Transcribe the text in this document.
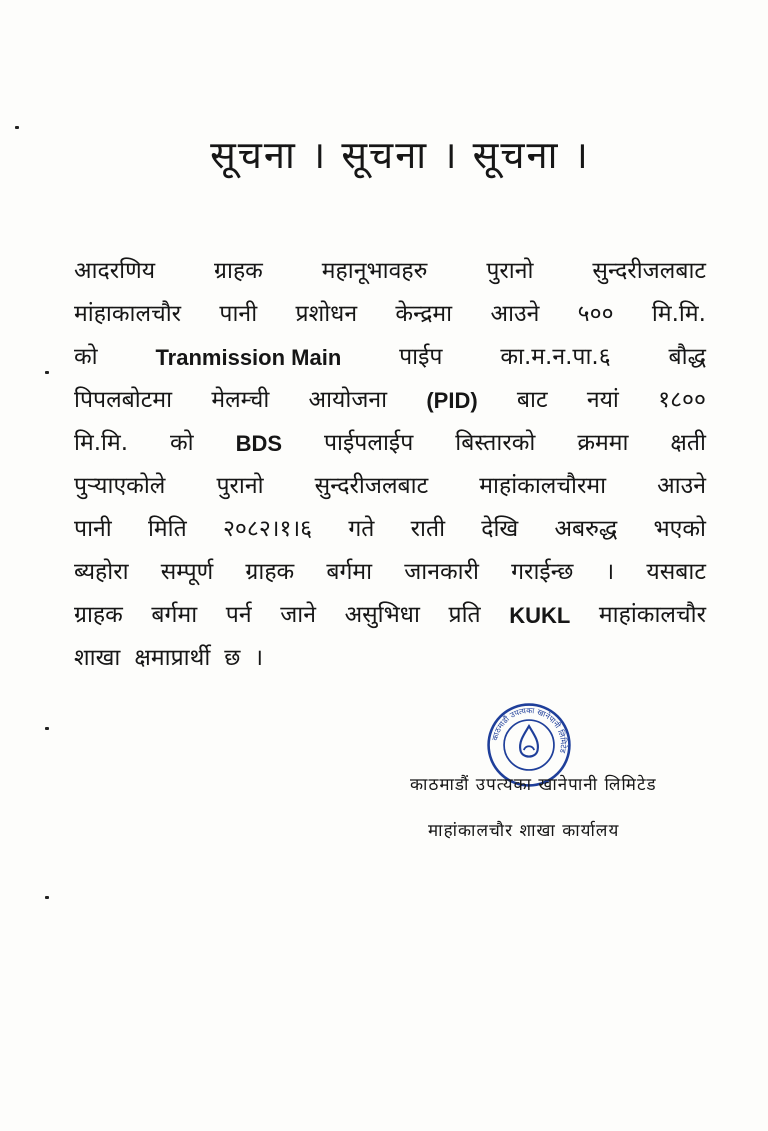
सूचना । सूचना । सूचना ।
आदरणिय	ग्राहक	महानूभावहरु	पुरानो	सुन्दरीजलबाट
मांहाकालचौर पानी प्रशोधन केन्द्रमा आउने ५०० मि.मि.
को	Tranmission Main	पाईप	का.म.न.पा.६	बौद्ध
पिपलबोटमा मेलम्ची आयोजना (PID) बाट नयां १८००
मि.मि. को BDS पाईपलाईप बिस्तारको क्रममा क्षती
पुर्‍याएकोले पुरानो सुन्दरीजलबाट माहांकालचौरमा आउने
पानी मिति २०८२।१।६ गते राती देखि अबरुद्ध भएको
ब्यहोरा सम्पूर्ण ग्राहक बर्गमा जानकारी गराईन्छ । यसबाट
ग्राहक बर्गमा पर्न जाने असुभिधा प्रति KUKL माहांकालचौर
शाखा क्षमाप्रार्थी छ ।
काठमाडौं उपत्यका खानेपानी लिमिटेड
काठमाडौं उपत्यका खानेपानी लिमिटेड
माहांकालचौर शाखा कार्यालय
